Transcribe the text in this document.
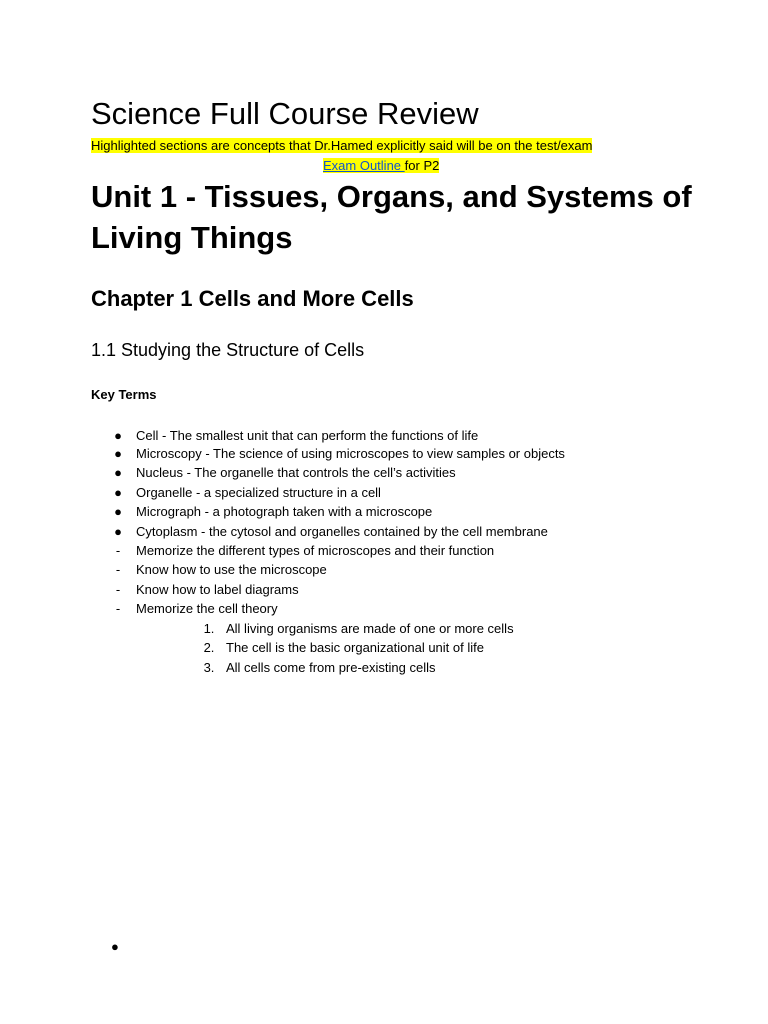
Science Full Course Review
Highlighted sections are concepts that Dr.Hamed explicitly said will be on the test/exam
Exam Outline for P2
Unit 1 - Tissues, Organs, and Systems of Living Things
Chapter 1 Cells and More Cells
1.1 Studying the Structure of Cells
Key Terms
● Cell - The smallest unit that can perform the functions of life
● Microscopy - The science of using microscopes to view samples or objects
● Nucleus - The organelle that controls the cell’s activities
● Organelle - a specialized structure in a cell
● Micrograph - a photograph taken with a microscope
● Cytoplasm - the cytosol and organelles contained by the cell membrane
-	Memorize the different types of microscopes and their function
-	Know how to use the microscope
-	Know how to label diagrams
-	Memorize the cell theory
1. All living organisms are made of one or more cells
2. The cell is the basic organizational unit of life
3. All cells come from pre-existing cells
●
